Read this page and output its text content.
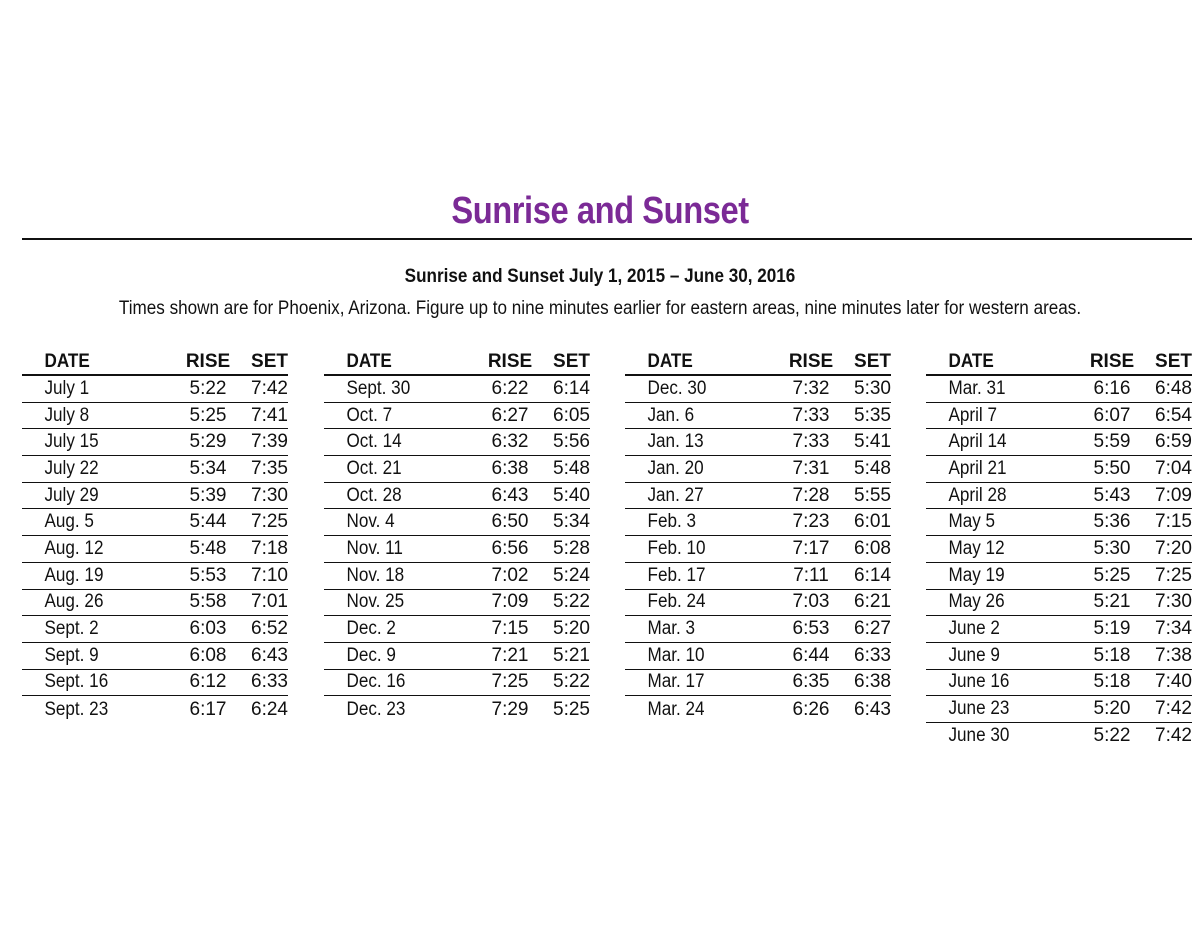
Sunrise and Sunset
Sunrise and Sunset July 1, 2015 – June 30, 2016
Times shown are for Phoenix, Arizona. Figure up to nine minutes earlier for eastern areas, nine minutes later for western areas.
DATE	RISE	SET
July 1	5:22	7:42
July 8	5:25	7:41
July 15	5:29	7:39
July 22	5:34	7:35
July 29	5:39	7:30
Aug. 5	5:44	7:25
Aug. 12	5:48	7:18
Aug. 19	5:53	7:10
Aug. 26	5:58	7:01
Sept. 2	6:03	6:52
Sept. 9	6:08	6:43
Sept. 16	6:12	6:33
Sept. 23	6:17	6:24
DATE	RISE	SET
Sept. 30	6:22	6:14
Oct. 7	6:27	6:05
Oct. 14	6:32	5:56
Oct. 21	6:38	5:48
Oct. 28	6:43	5:40
Nov. 4	6:50	5:34
Nov. 11	6:56	5:28
Nov. 18	7:02	5:24
Nov. 25	7:09	5:22
Dec. 2	7:15	5:20
Dec. 9	7:21	5:21
Dec. 16	7:25	5:22
Dec. 23	7:29	5:25
DATE	RISE	SET
Dec. 30	7:32	5:30
Jan. 6	7:33	5:35
Jan. 13	7:33	5:41
Jan. 20	7:31	5:48
Jan. 27	7:28	5:55
Feb. 3	7:23	6:01
Feb. 10	7:17	6:08
Feb. 17	7:11	6:14
Feb. 24	7:03	6:21
Mar. 3	6:53	6:27
Mar. 10	6:44	6:33
Mar. 17	6:35	6:38
Mar. 24	6:26	6:43
DATE	RISE	SET
Mar. 31	6:16	6:48
April 7	6:07	6:54
April 14	5:59	6:59
April 21	5:50	7:04
April 28	5:43	7:09
May 5	5:36	7:15
May 12	5:30	7:20
May 19	5:25	7:25
May 26	5:21	7:30
June 2	5:19	7:34
June 9	5:18	7:38
June 16	5:18	7:40
June 23	5:20	7:42
June 30	5:22	7:42
